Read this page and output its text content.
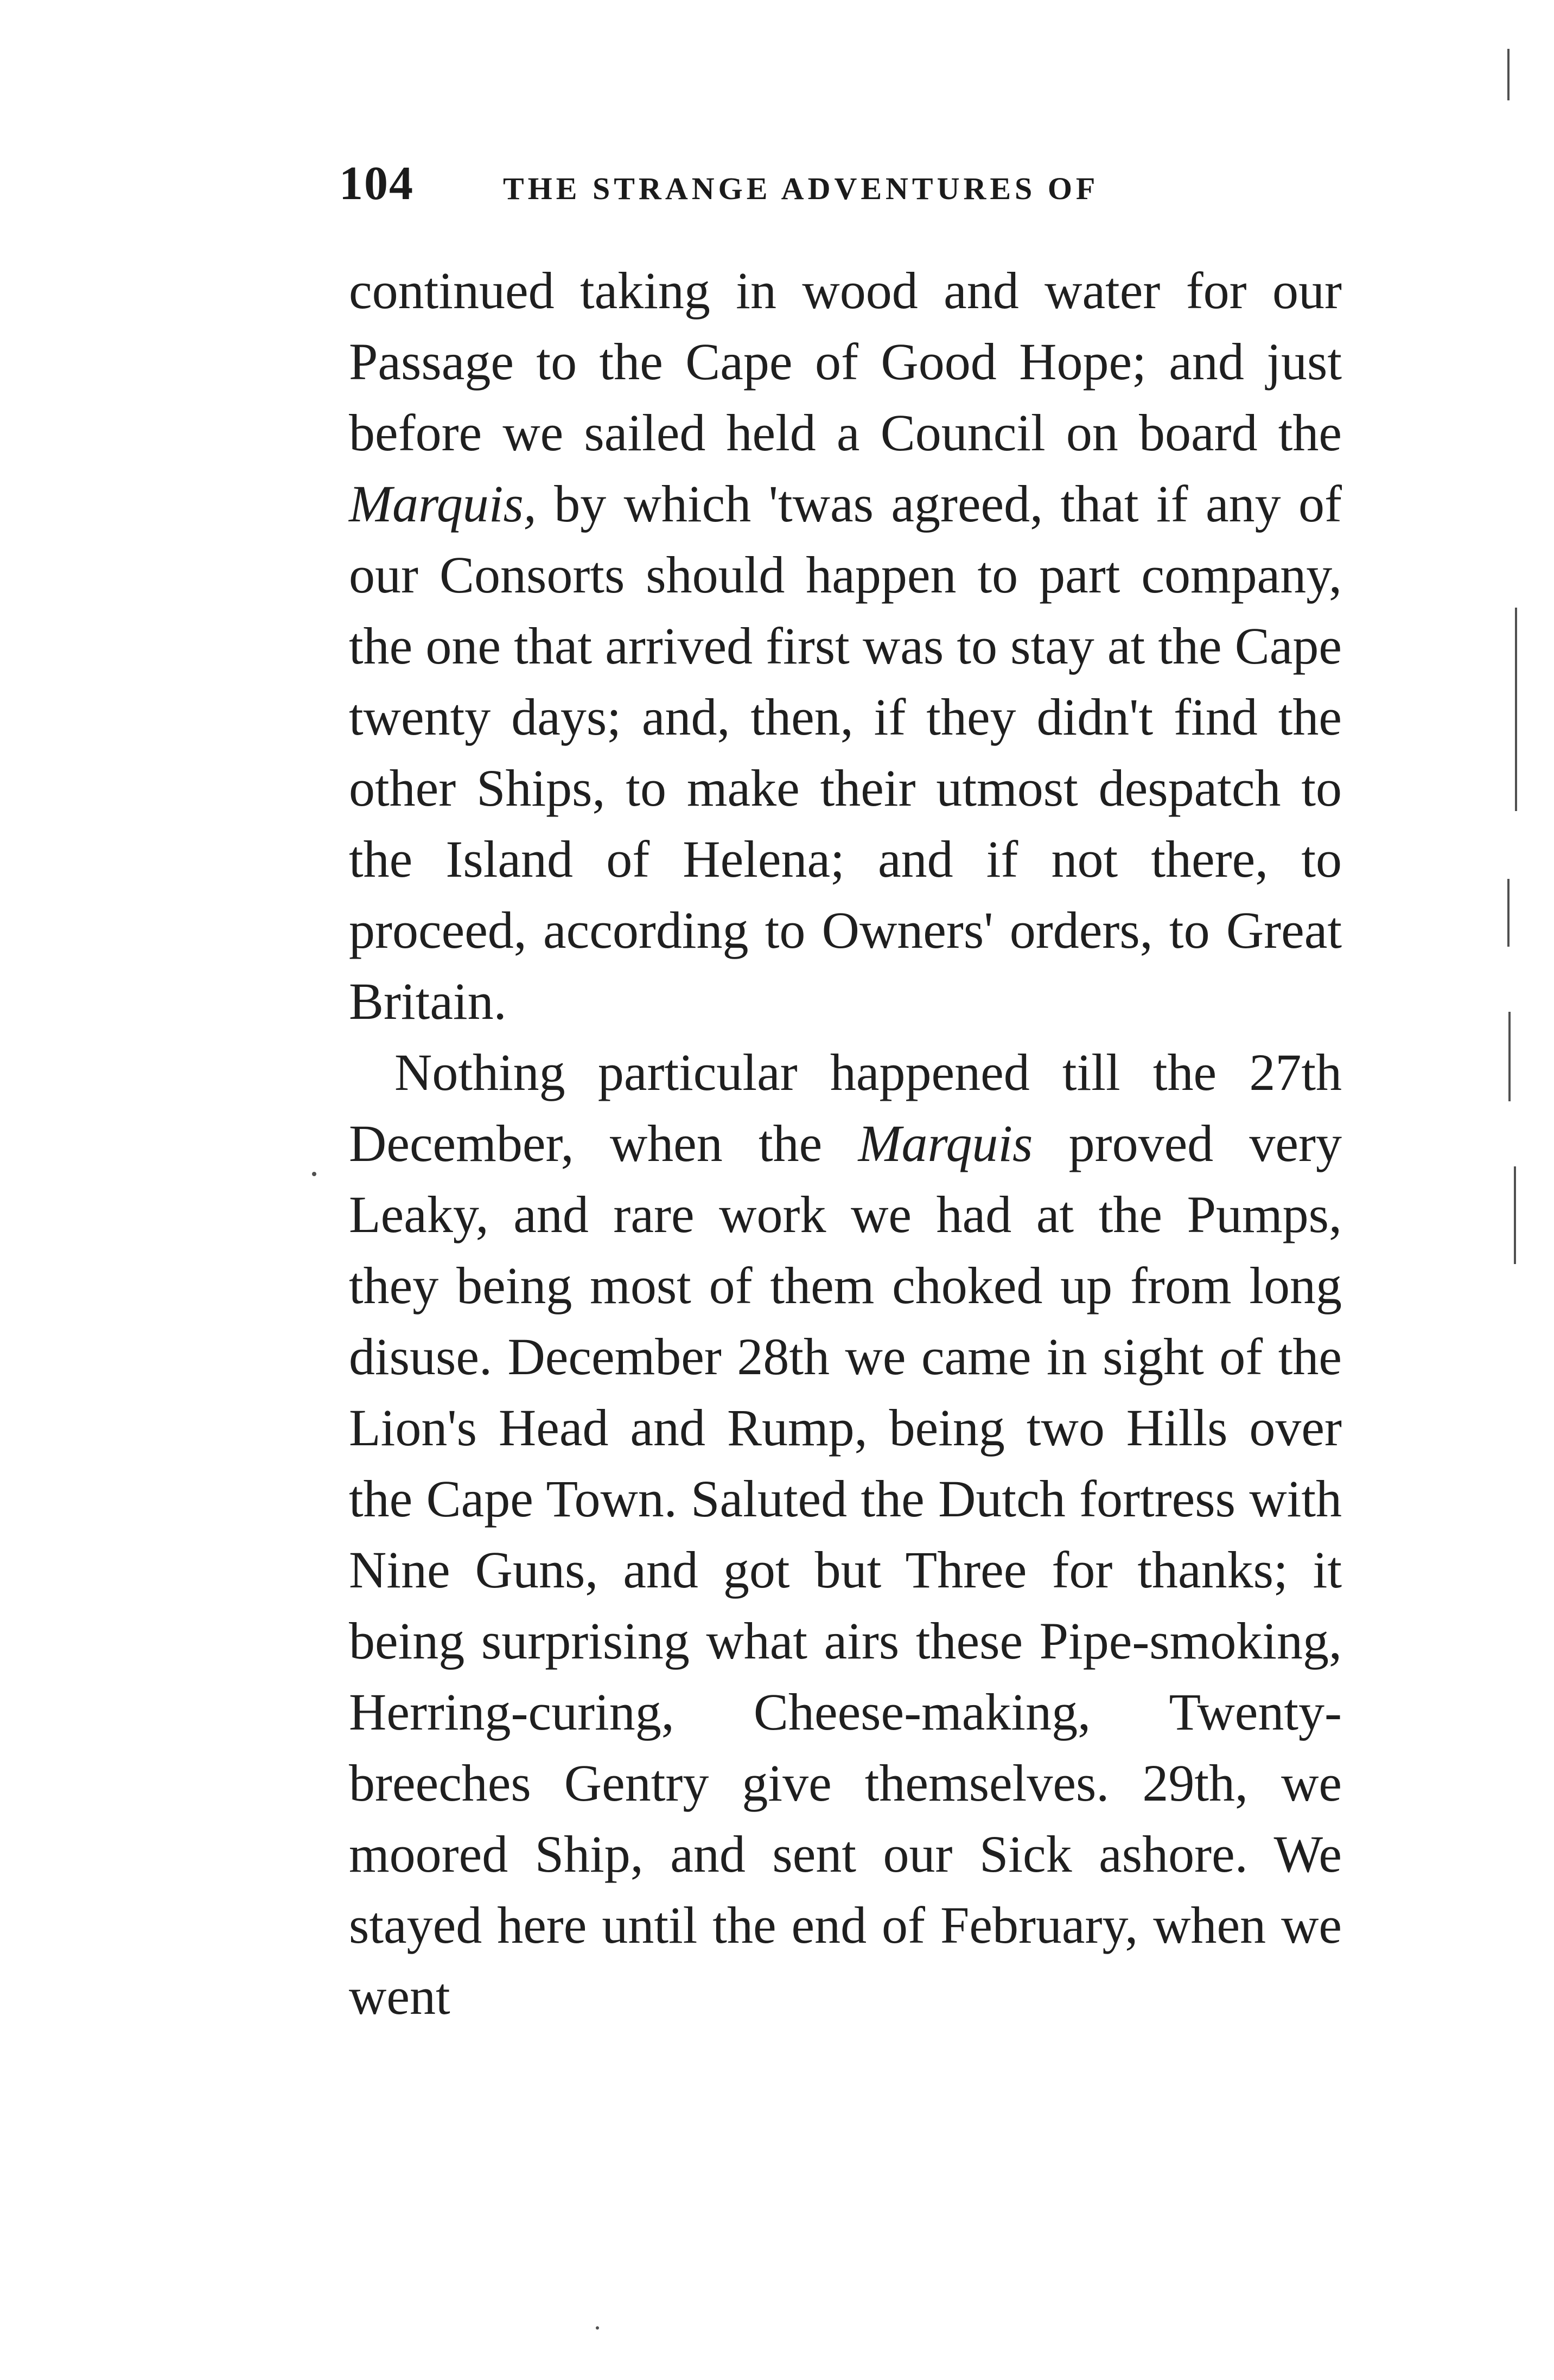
104	THE STRANGE ADVENTURES OF

continued taking in wood and water for our Passage to the Cape of Good Hope; and just before we sailed held a Council on board the Marquis, by which 'twas agreed, that if any of our Consorts should happen to part company, the one that arrived first was to stay at the Cape twenty days; and, then, if they didn't find the other Ships, to make their utmost despatch to the Island of Helena; and if not there, to proceed, according to Owners' orders, to Great Britain.

Nothing particular happened till the 27th December, when the Marquis proved very Leaky, and rare work we had at the Pumps, they being most of them choked up from long disuse. December 28th we came in sight of the Lion's Head and Rump, being two Hills over the Cape Town. Saluted the Dutch fortress with Nine Guns, and got but Three for thanks; it being surprising what airs these Pipe-smoking, Herring-curing, Cheese-making, Twenty-breeches Gentry give themselves. 29th, we moored Ship, and sent our Sick ashore. We stayed here until the end of February, when we went
